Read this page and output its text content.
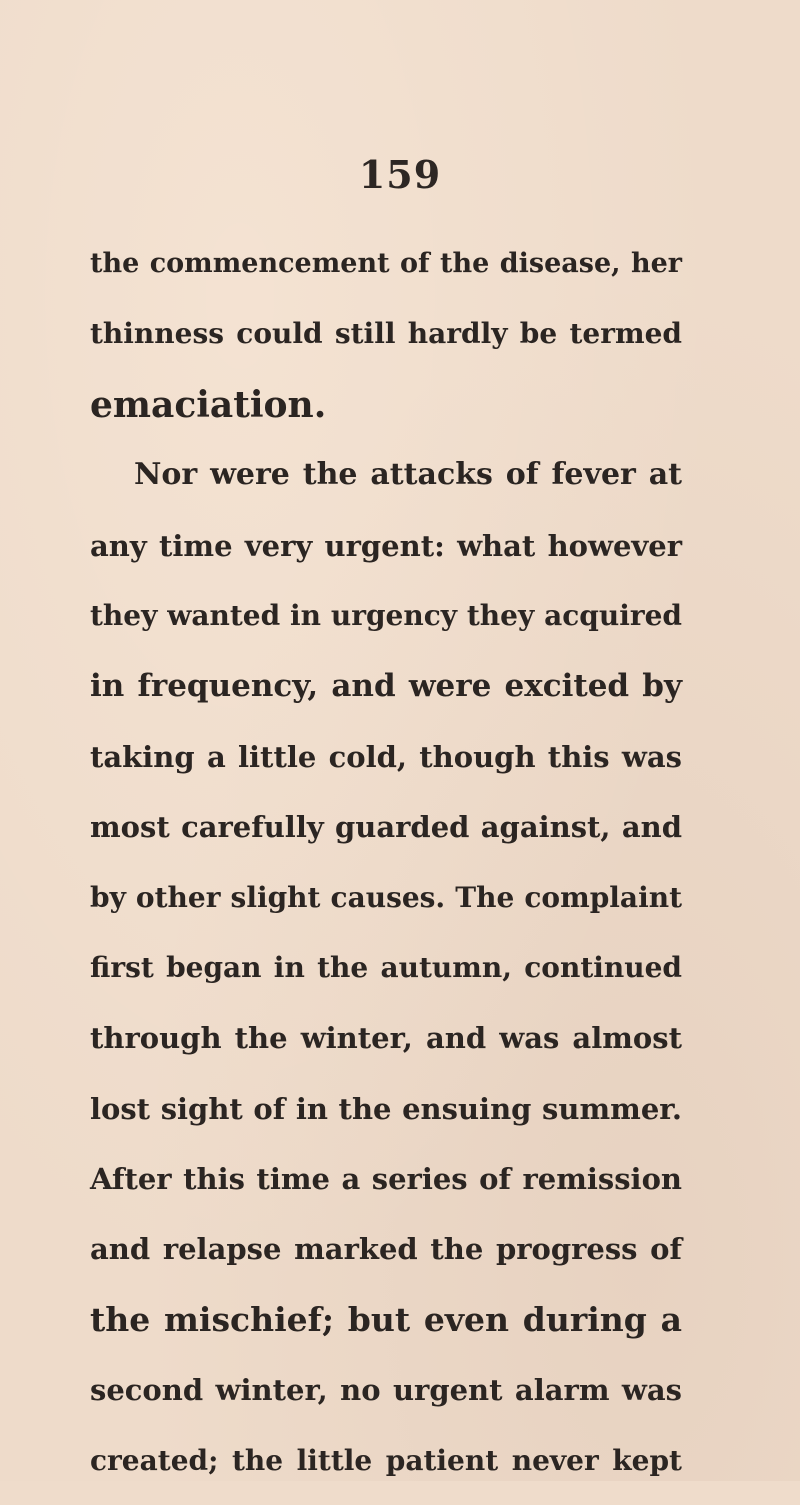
159
the commencement of the disease, her
thinness could still hardly be termed
emaciation.
Nor were the attacks of fever at
any time very urgent: what however
they wanted in urgency they acquired
in frequency, and were excited by
taking a little cold, though this was
most carefully guarded against, and
by other slight causes. The complaint
first began in the autumn, continued
through the winter, and was almost
lost sight of in the ensuing summer.
After this time a series of remission
and relapse marked the progress of
the mischief; but even during a
second winter, no urgent alarm was
created; the little patient never kept
